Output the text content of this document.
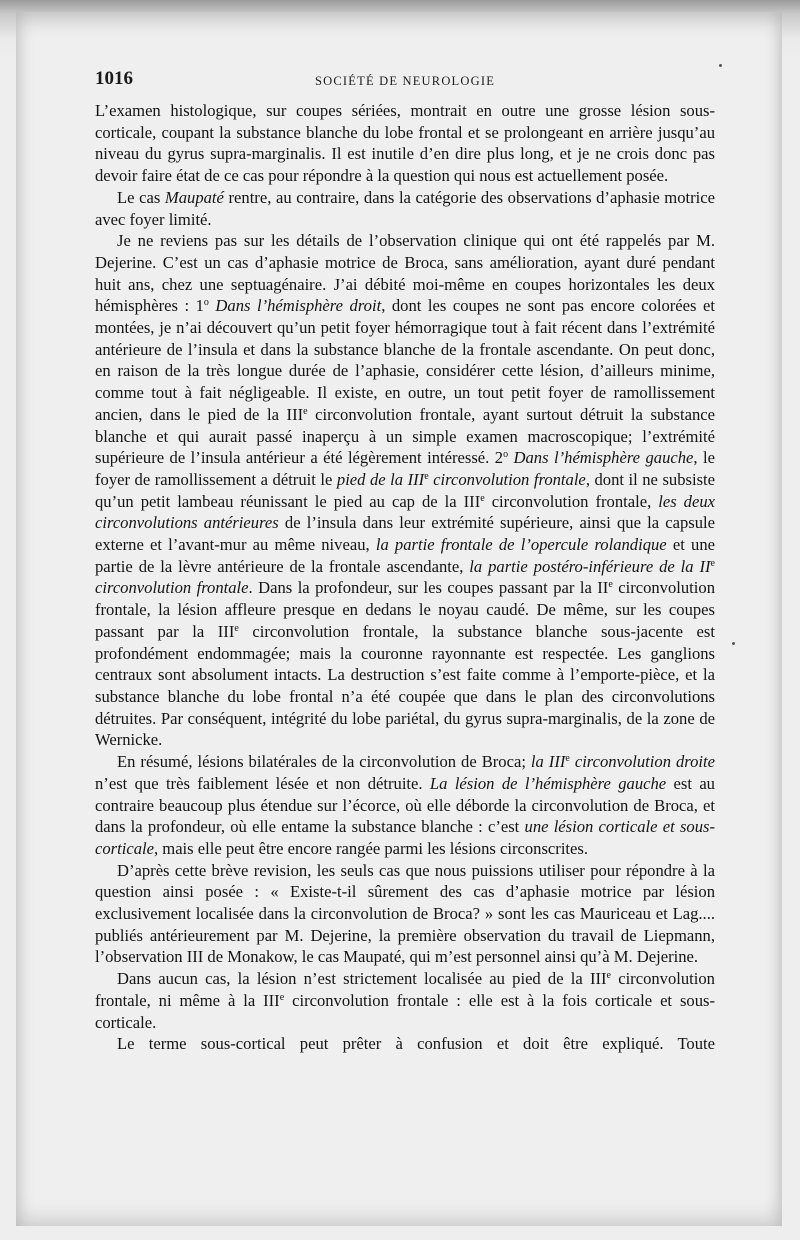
1016	SOCIÉTÉ DE NEUROLOGIE

L’examen histologique, sur coupes sériées, montrait en outre une grosse lésion sous-corticale, coupant la substance blanche du lobe frontal et se prolongeant en arrière jusqu’au niveau du gyrus supra-marginalis. Il est inutile d’en dire plus long, et je ne crois donc pas devoir faire état de ce cas pour répondre à la question qui nous est actuellement posée.

Le cas Maupaté rentre, au contraire, dans la catégorie des observations d’aphasie motrice avec foyer limité.

Je ne reviens pas sur les détails de l’observation clinique qui ont été rappelés par M. Dejerine. C’est un cas d’aphasie motrice de Broca, sans amélioration, ayant duré pendant huit ans, chez une septuagénaire. J’ai débité moi-même en coupes horizontales les deux hémisphères : 1$^o$ Dans l’hémisphère droit, dont les coupes ne sont pas encore colorées et montées, je n’ai découvert qu’un petit foyer hémorragique tout à fait récent dans l’extrémité antérieure de l’insula et dans la substance blanche de la frontale ascendante. On peut donc, en raison de la très longue durée de l’aphasie, considérer cette lésion, d’ailleurs minime, comme tout à fait négligeable. Il existe, en outre, un tout petit foyer de ramollissement ancien, dans le pied de la IIIe circonvolution frontale, ayant surtout détruit la substance blanche et qui aurait passé inaperçu à un simple examen macroscopique; l’extrémité supérieure de l’insula antérieur a été légèrement intéressé. 2$^o$ Dans l’hémisphère gauche, le foyer de ramollissement a détruit le pied de la IIIe circonvolution frontale, dont il ne subsiste qu’un petit lambeau réunissant le pied au cap de la IIIe circonvolution frontale, les deux circonvolutions antérieures de l’insula dans leur extrémité supérieure, ainsi que la capsule externe et l’avant-mur au même niveau, la partie frontale de l’opercule rolandique et une partie de la lèvre antérieure de la frontale ascendante, la partie postéro-inférieure de la IIe circonvolution frontale. Dans la profondeur, sur les coupes passant par la IIe circonvolution frontale, la lésion affleure presque en dedans le noyau caudé. De même, sur les coupes passant par la IIIe circonvolution frontale, la substance blanche sous-jacente est profondément endommagée; mais la couronne rayonnante est respectée. Les ganglions centraux sont absolument intacts. La destruction s’est faite comme à l’emporte-pièce, et la substance blanche du lobe frontal n’a été coupée que dans le plan des circonvolutions détruites. Par conséquent, intégrité du lobe pariétal, du gyrus supra-marginalis, de la zone de Wernicke.

En résumé, lésions bilatérales de la circonvolution de Broca; la IIIe circonvolution droite n’est que très faiblement lésée et non détruite. La lésion de l’hémisphère gauche est au contraire beaucoup plus étendue sur l’écorce, où elle déborde la circonvolution de Broca, et dans la profondeur, où elle entame la substance blanche : c’est une lésion corticale et sous-corticale, mais elle peut être encore rangée parmi les lésions circonscrites.

D’après cette brève revision, les seuls cas que nous puissions utiliser pour répondre à la question ainsi posée : « Existe-t-il sûrement des cas d’aphasie motrice par lésion exclusivement localisée dans la circonvolution de Broca? » sont les cas Mauriceau et Lag.... publiés antérieurement par M. Dejerine, la première observation du travail de Liepmann, l’observation III de Monakow, le cas Maupaté, qui m’est personnel ainsi qu’à M. Dejerine.

Dans aucun cas, la lésion n’est strictement localisée au pied de la IIIe circonvolution frontale, ni même à la IIIe circonvolution frontale : elle est à la fois corticale et sous-corticale.

Le terme sous-cortical peut prêter à confusion et doit être expliqué. Toute
